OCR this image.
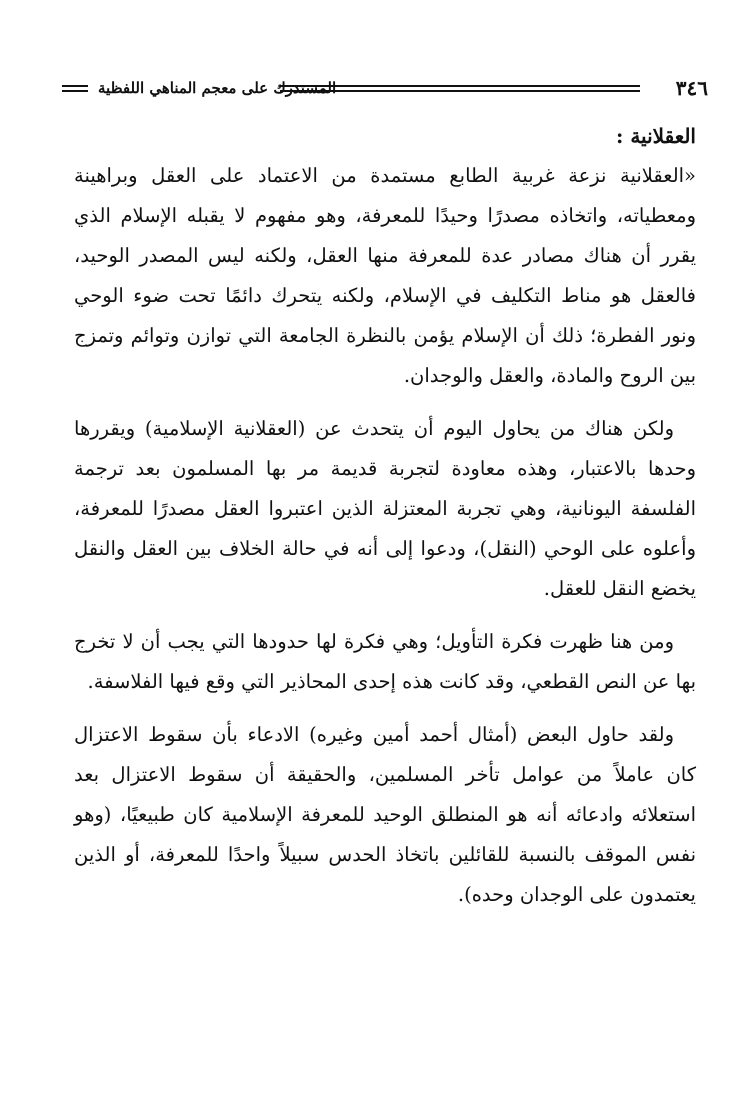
٣٤٦
المستدرك على معجم المناهي اللفظية
العقلانية :

«العقلانية نزعة غربية الطابع مستمدة من الاعتماد على العقل وبراهينة ومعطياته، واتخاذه مصدرًا وحيدًا للمعرفة، وهو مفهوم لا يقبله الإسلام الذي يقرر أن هناك مصادر عدة للمعرفة منها العقل، ولكنه ليس المصدر الوحيد، فالعقل هو مناط التكليف في الإسلام، ولكنه يتحرك دائمًا تحت ضوء الوحي ونور الفطرة؛ ذلك أن الإسلام يؤمن بالنظرة الجامعة التي توازن وتوائم وتمزج بين الروح والمادة، والعقل والوجدان.

ولكن هناك من يحاول اليوم أن يتحدث عن (العقلانية الإسلامية) ويقررها وحدها بالاعتبار، وهذه معاودة لتجربة قديمة مر بها المسلمون بعد ترجمة الفلسفة اليونانية، وهي تجربة المعتزلة الذين اعتبروا العقل مصدرًا للمعرفة، وأعلوه على الوحي (النقل)، ودعوا إلى أنه في حالة الخلاف بين العقل والنقل يخضع النقل للعقل.

ومن هنا ظهرت فكرة التأويل؛ وهي فكرة لها حدودها التي يجب أن لا تخرج بها عن النص القطعي، وقد كانت هذه إحدى المحاذير التي وقع فيها الفلاسفة.

ولقد حاول البعض (أمثال أحمد أمين وغيره) الادعاء بأن سقوط الاعتزال كان عاملاً من عوامل تأخر المسلمين، والحقيقة أن سقوط الاعتزال بعد استعلائه وادعائه أنه هو المنطلق الوحيد للمعرفة الإسلامية كان طبيعيًا، (وهو نفس الموقف بالنسبة للقائلين باتخاذ الحدس سبيلاً واحدًا للمعرفة، أو الذين يعتمدون على الوجدان وحده).
